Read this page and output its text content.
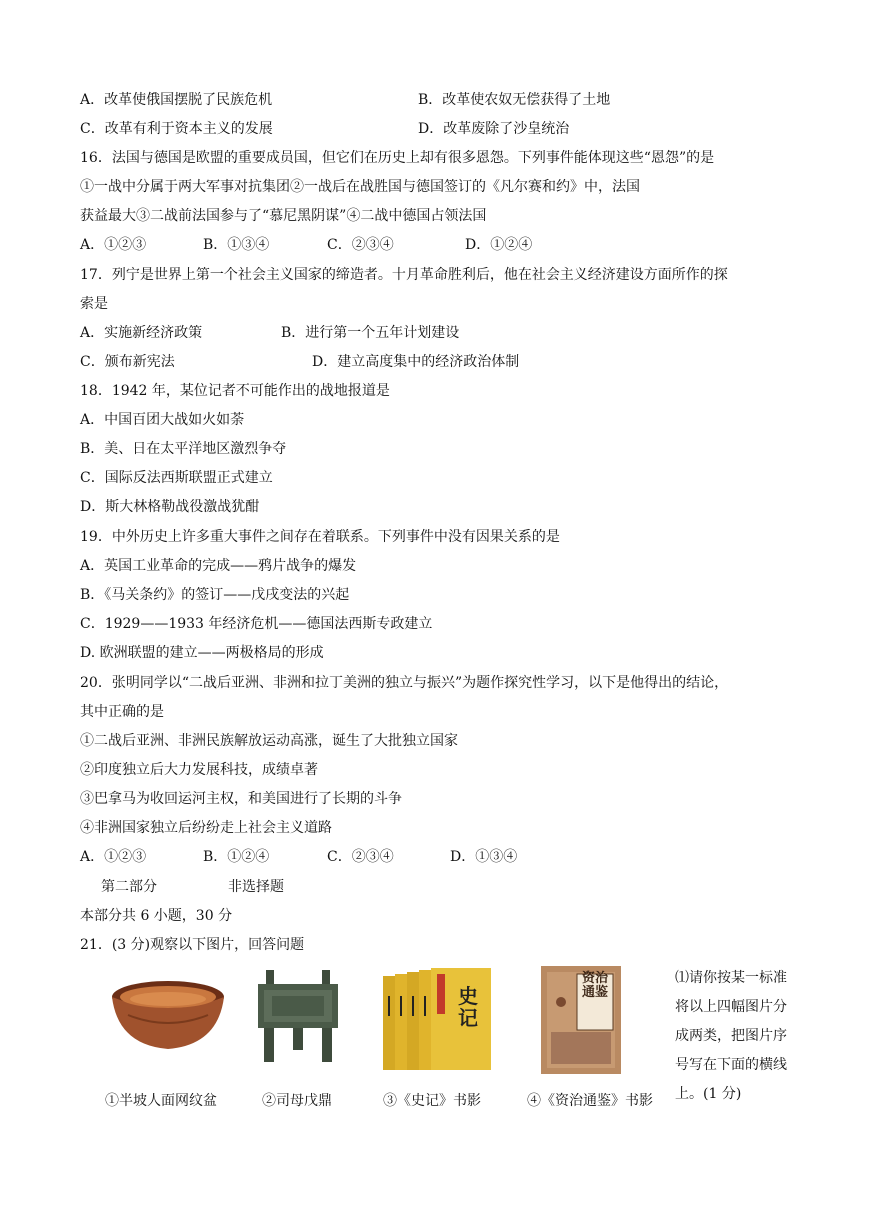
A．改革使俄国摆脱了民族危机	B．改革使农奴无偿获得了土地
C．改革有利于资本主义的发展	D．改革废除了沙皇统治
16．法国与德国是欧盟的重要成员国，但它们在历史上却有很多恩怨。下列事件能体现这些“恩怨”的是
①一战中分属于两大军事对抗集团②一战后在战胜国与德国签订的《凡尔赛和约》中，法国
获益最大③二战前法国参与了“慕尼黑阴谋”④二战中德国占领法国
A．①②③	B．①③④	C．②③④	D．①②④
17．列宁是世界上第一个社会主义国家的缔造者。十月革命胜利后，他在社会主义经济建设方面所作的探
索是
A．实施新经济政策	B．进行第一个五年计划建设
C．颁布新宪法	D．建立高度集中的经济政治体制
18．1942 年，某位记者不可能作出的战地报道是
A．中国百团大战如火如荼
B．美、日在太平洋地区激烈争夺
C．国际反法西斯联盟正式建立
D．斯大林格勒战役激战犹酣
19．中外历史上许多重大事件之间存在着联系。下列事件中没有因果关系的是
A．英国工业革命的完成——鸦片战争的爆发
B．《马关条约》的签订——戊戌变法的兴起
C．1929——1933 年经济危机——德国法西斯专政建立
D. 欧洲联盟的建立——两极格局的形成
20．张明同学以“二战后亚洲、非洲和拉丁美洲的独立与振兴”为题作探究性学习，以下是他得出的结论，
其中正确的是
①二战后亚洲、非洲民族解放运动高涨，诞生了大批独立国家
②印度独立后大力发展科技，成绩卓著
③巴拿马为收回运河主权，和美国进行了长期的斗争
④非洲国家独立后纷纷走上社会主义道路
A．①②③	B．①②④	C．②③④	D．①③④
第二部分	非选择题
本部分共 6 小题，30 分
21．(3 分)观察以下图片，回答问题
史记
资治通鉴
①半坡人面网纹盆	②司母戊鼎	③《史记》书影	④《资治通鉴》书影
⑴请你按某一标准将以上四幅图片分成两类，把图片序号写在下面的横线上。(1 分)
